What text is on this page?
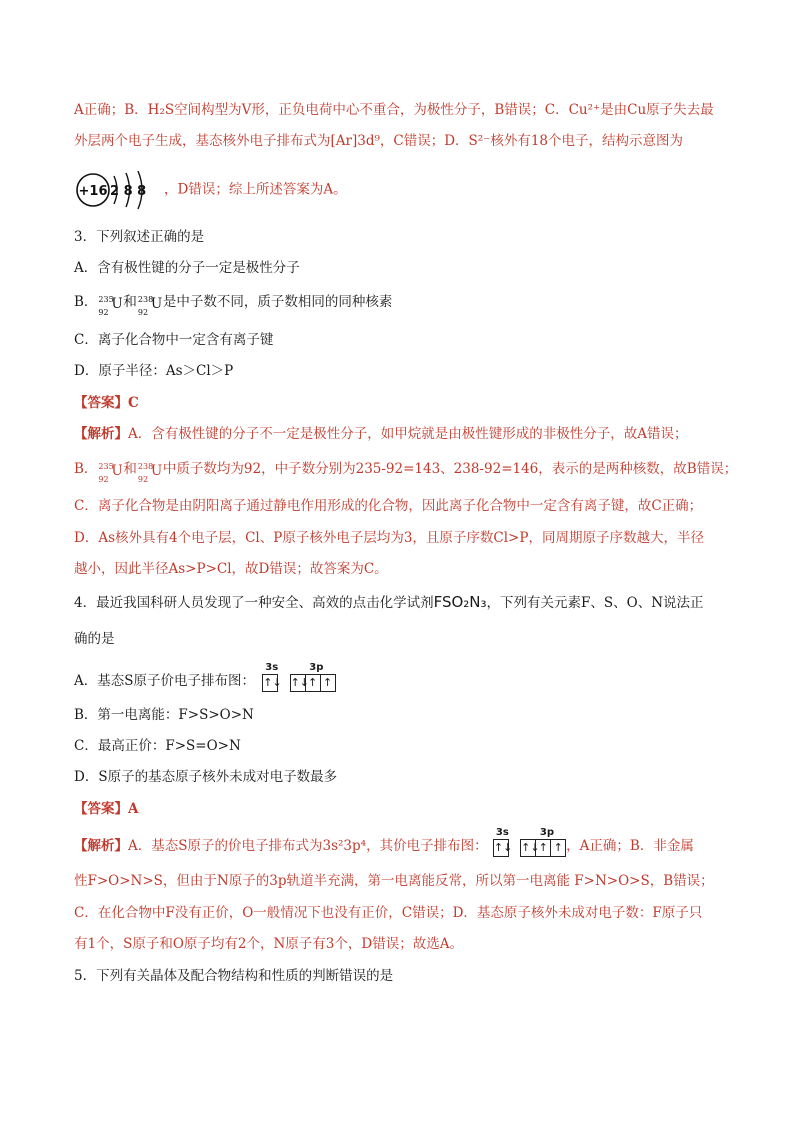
A正确；B．H₂S空间构型为V形，正负电荷中心不重合，为极性分子，B错误；C．Cu²⁺是由Cu原子失去最
外层两个电子生成，基态核外电子排布式为[Ar]3d⁹，C错误；D．S²⁻核外有18个电子，结构示意图为
+16 2 8 8 ，D错误；综上所述答案为A。
3．下列叙述正确的是
A．含有极性键的分子一定是极性分子
B． 235
92
U 和 238
92
U 是中子数不同，质子数相同的同种核素
C．离子化合物中一定含有离子键
D．原子半径：As＞Cl＞P
【答案】C
【解析】A．含有极性键的分子不一定是极性分子，如甲烷就是由极性键形成的非极性分子，故A错误；
B． 235
92
U 和 238
92
U 中质子数均为92，中子数分别为235-92=143、238-92=146，表示的是两种核数，故B错误；
C．离子化合物是由阴阳离子通过静电作用形成的化合物，因此离子化合物中一定含有离子键，故C正确；
D．As核外具有4个电子层，Cl、P原子核外电子层均为3，且原子序数Cl>P，同周期原子序数越大，半径
越小，因此半径As>P>Cl，故D错误；故答案为C。
4．最近我国科研人员发现了一种安全、高效的点击化学试剂FSO₂N₃，下列有关元素F、S、O、N说法正
确的是
A．基态S原子价电子排布图：
3s
↑↓
3p
↑↓↑ ↑
B．第一电离能：F>S>O>N
C．最高正价：F>S=O>N
D．S原子的基态原子核外未成对电子数最多
【答案】A
【解析】A．基态S原子的价电子排布式为3s²3p⁴，其价电子排布图：
3s
↑↓
3p
↑↓↑ ↑ ，A正确；B．非金属
性F>O>N>S，但由于N原子的3p轨道半充满，第一电离能反常，所以第一电离能 F>N>O>S，B错误；
C．在化合物中F没有正价，O一般情况下也没有正价，C错误；D．基态原子核外未成对电子数：F原子只
有1个，S原子和O原子均有2个，N原子有3个，D错误；故选A。
5．下列有关晶体及配合物结构和性质的判断错误的是
